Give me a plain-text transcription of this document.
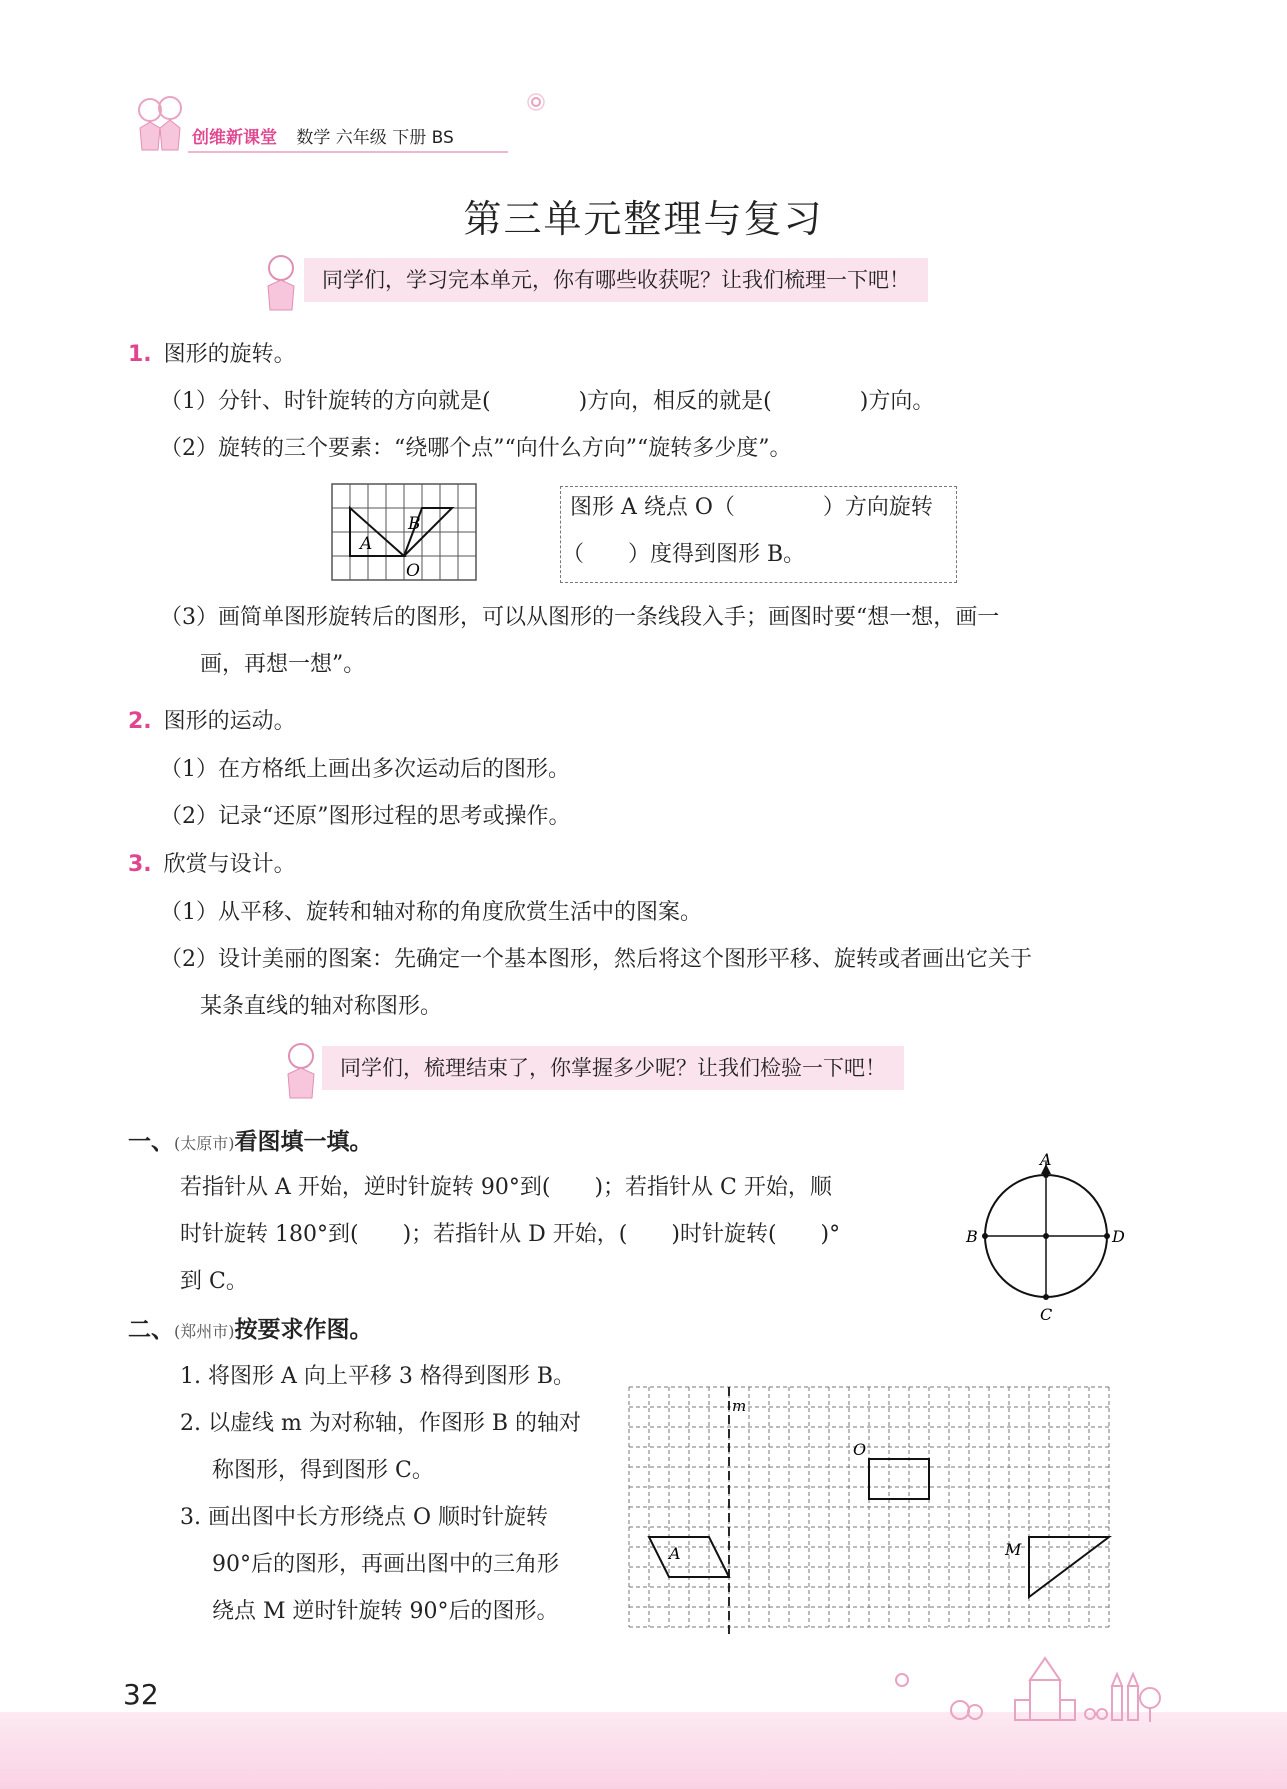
创维新课堂 数学 六年级 下册 BS
第三单元整理与复习
同学们，学习完本单元，你有哪些收获呢？让我们梳理一下吧！
1. 图形的旋转。
（1）分针、时针旋转的方向就是(　　　　)方向，相反的就是(　　　　)方向。
（2）旋转的三个要素：“绕哪个点”“向什么方向”“旋转多少度”。
A
B
O
图形 A 绕点 O（　　　　）方向旋转
（　　）度得到图形 B。
（3）画简单图形旋转后的图形，可以从图形的一条线段入手；画图时要“想一想，画一
画，再想一想”。
2. 图形的运动。
（1）在方格纸上画出多次运动后的图形。
（2）记录“还原”图形过程的思考或操作。
3. 欣赏与设计。
（1）从平移、旋转和轴对称的角度欣赏生活中的图案。
（2）设计美丽的图案：先确定一个基本图形，然后将这个图形平移、旋转或者画出它关于
某条直线的轴对称图形。
同学们，梳理结束了，你掌握多少呢？让我们检验一下吧！
一、(太原市)看图填一填。
若指针从 A 开始，逆时针旋转 90°到(　　)；若指针从 C 开始，顺
时针旋转 180°到(　　)；若指针从 D 开始，(　　)时针旋转(　　)°
到 C。
A
B
C
D
二、(郑州市)按要求作图。
1. 将图形 A 向上平移 3 格得到图形 B。
2. 以虚线 m 为对称轴，作图形 B 的轴对
称图形，得到图形 C。
3. 画出图中长方形绕点 O 顺时针旋转
90°后的图形，再画出图中的三角形
绕点 M 逆时针旋转 90°后的图形。
m
O
A	M
32
